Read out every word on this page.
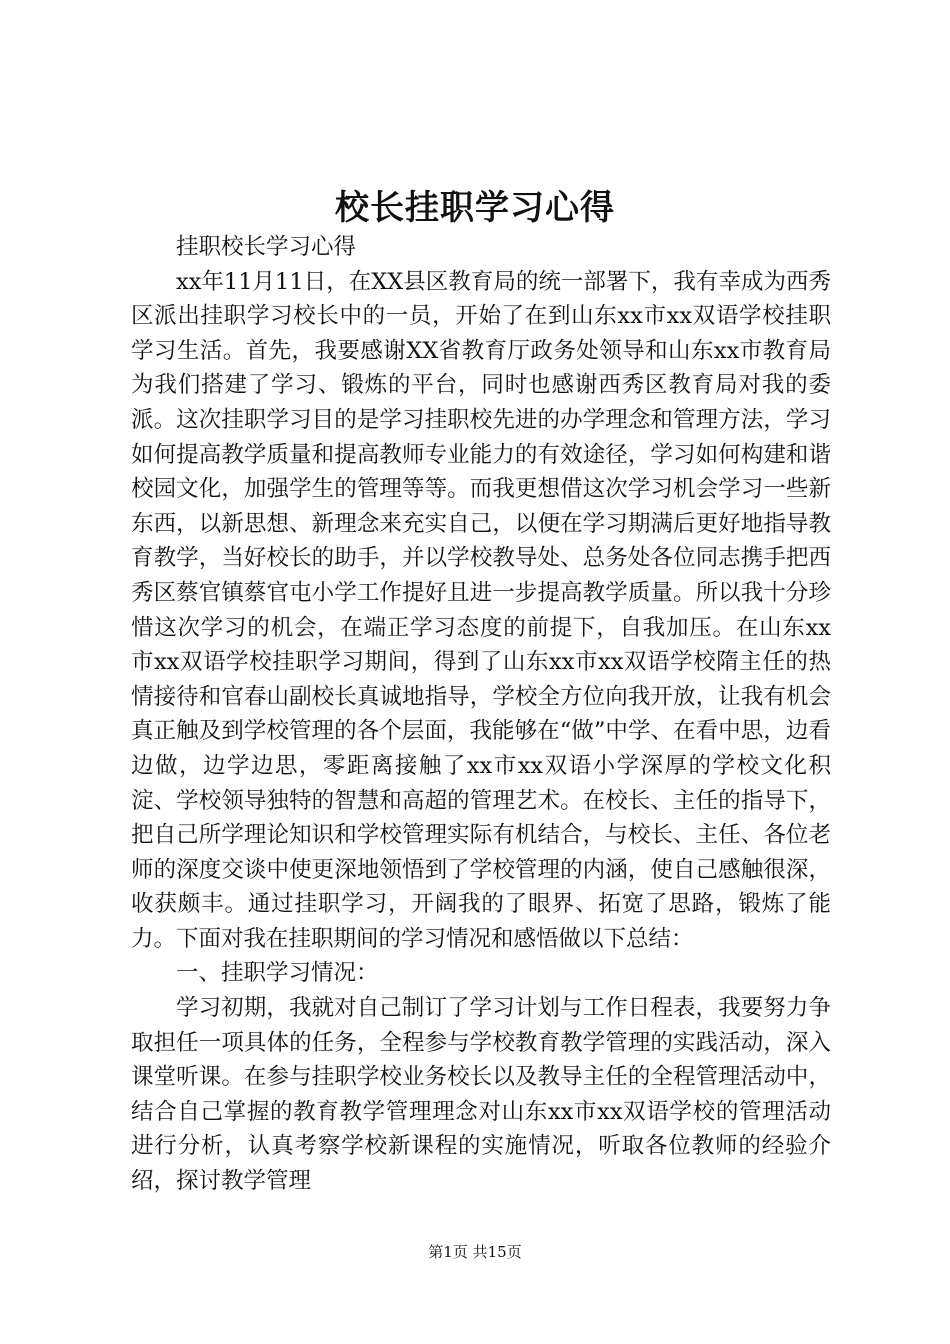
校长挂职学习心得

挂职校长学习心得

xx年11月11日，在XX县区教育局的统一部署下，我有幸成为西秀区派出挂职学习校长中的一员，开始了在到山东xx市xx双语学校挂职学习生活。首先，我要感谢XX省教育厅政务处领导和山东xx市教育局为我们搭建了学习、锻炼的平台，同时也感谢西秀区教育局对我的委派。这次挂职学习目的是学习挂职校先进的办学理念和管理方法，学习如何提高教学质量和提高教师专业能力的有效途径，学习如何构建和谐校园文化，加强学生的管理等等。而我更想借这次学习机会学习一些新东西，以新思想、新理念来充实自己，以便在学习期满后更好地指导教育教学，当好校长的助手，并以学校教导处、总务处各位同志携手把西秀区蔡官镇蔡官屯小学工作提好且进一步提高教学质量。所以我十分珍惜这次学习的机会，在端正学习态度的前提下，自我加压。在山东xx市xx双语学校挂职学习期间，得到了山东xx市xx双语学校隋主任的热情接待和官春山副校长真诚地指导，学校全方位向我开放，让我有机会真正触及到学校管理的各个层面，我能够在“做”中学、在看中思，边看边做，边学边思，零距离接触了xx市xx双语小学深厚的学校文化积淀、学校领导独特的智慧和高超的管理艺术。在校长、主任的指导下，把自己所学理论知识和学校管理实际有机结合，与校长、主任、各位老师的深度交谈中使更深地领悟到了学校管理的内涵，使自己感触很深，收获颇丰。通过挂职学习，开阔我的了眼界、拓宽了思路，锻炼了能力。下面对我在挂职期间的学习情况和感悟做以下总结：

一、挂职学习情况：

学习初期，我就对自己制订了学习计划与工作日程表，我要努力争取担任一项具体的任务，全程参与学校教育教学管理的实践活动，深入课堂听课。在参与挂职学校业务校长以及教导主任的全程管理活动中，结合自己掌握的教育教学管理理念对山东xx市xx双语学校的管理活动进行分析，认真考察学校新课程的实施情况，听取各位教师的经验介绍，探讨教学管理

第1页 共15页
